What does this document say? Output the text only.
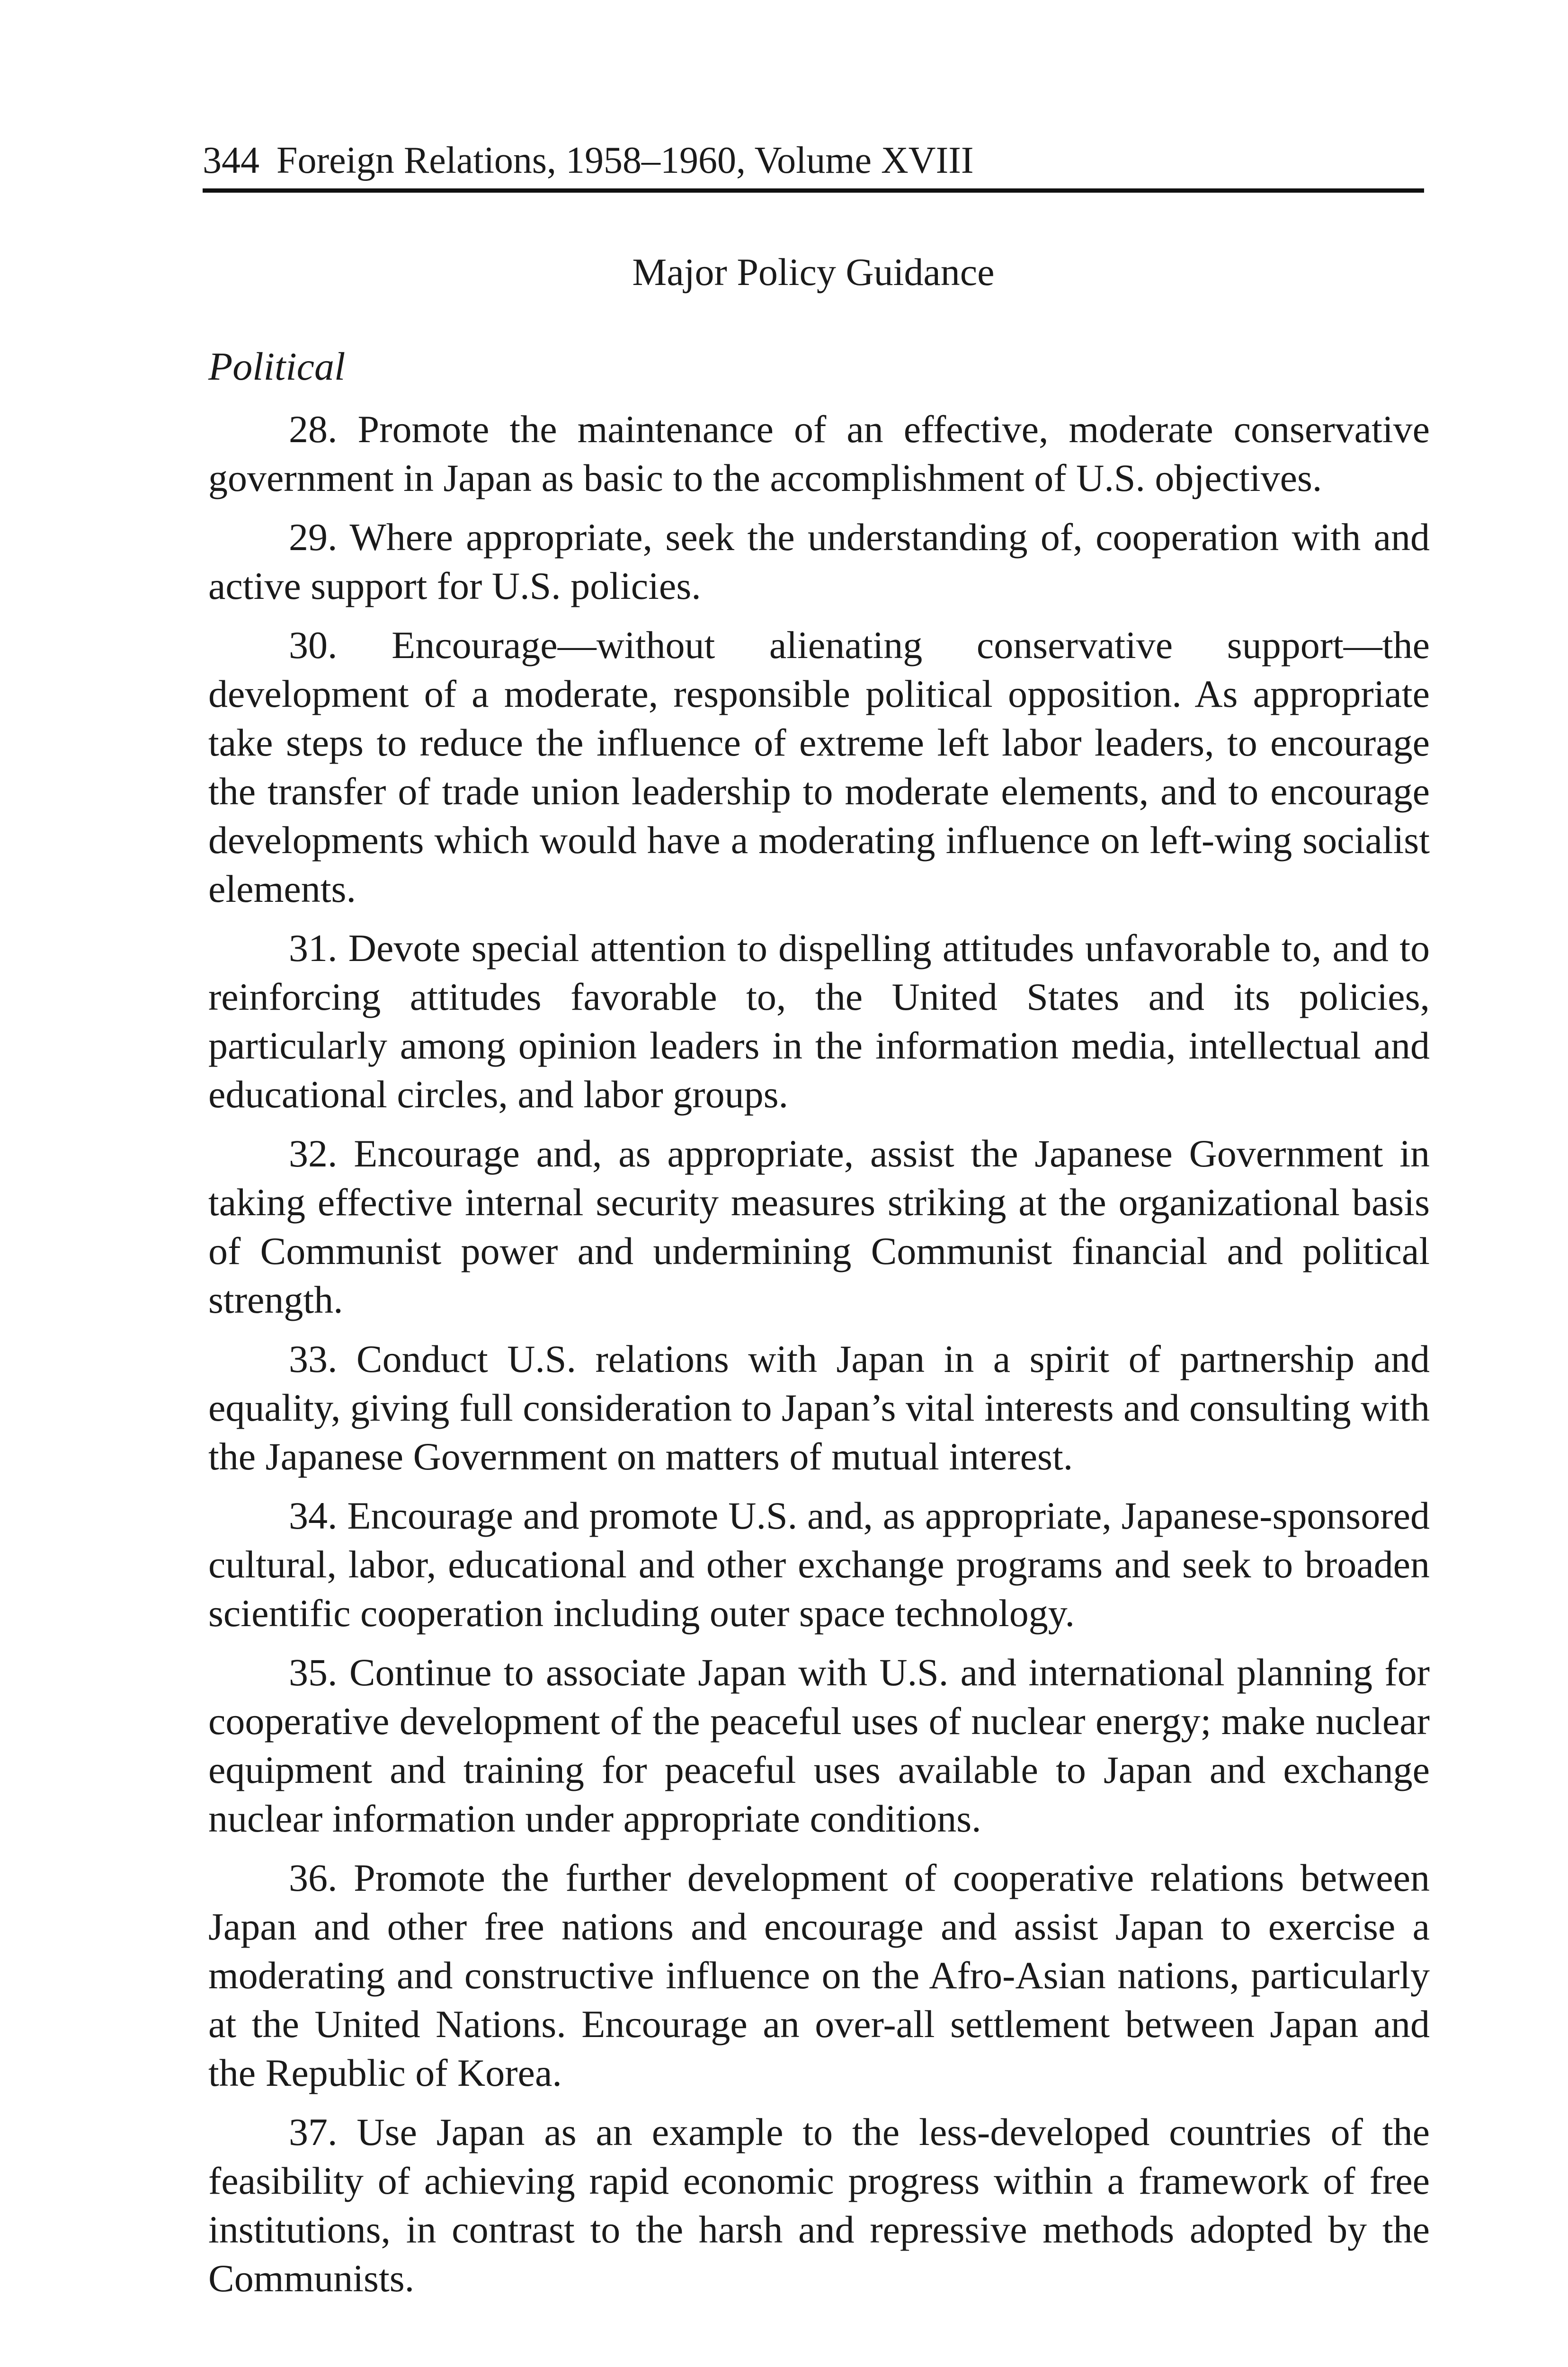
344 Foreign Relations, 1958–1960, Volume XVIII
Major Policy Guidance
Political

28. Promote the maintenance of an effective, moderate conservative government in Japan as basic to the accomplishment of U.S. objectives.

29. Where appropriate, seek the understanding of, cooperation with and active support for U.S. policies.

30. Encourage—without alienating conservative support—the development of a moderate, responsible political opposition. As appropriate take steps to reduce the influence of extreme left labor leaders, to encourage the transfer of trade union leadership to moderate elements, and to encourage developments which would have a moderating influence on left-wing socialist elements.

31. Devote special attention to dispelling attitudes unfavorable to, and to reinforcing attitudes favorable to, the United States and its policies, particularly among opinion leaders in the information media, intellectual and educational circles, and labor groups.

32. Encourage and, as appropriate, assist the Japanese Government in taking effective internal security measures striking at the organizational basis of Communist power and undermining Communist financial and political strength.

33. Conduct U.S. relations with Japan in a spirit of partnership and equality, giving full consideration to Japan’s vital interests and consulting with the Japanese Government on matters of mutual interest.

34. Encourage and promote U.S. and, as appropriate, Japanese-sponsored cultural, labor, educational and other exchange programs and seek to broaden scientific cooperation including outer space technology.

35. Continue to associate Japan with U.S. and international planning for cooperative development of the peaceful uses of nuclear energy; make nuclear equipment and training for peaceful uses available to Japan and exchange nuclear information under appropriate conditions.

36. Promote the further development of cooperative relations between Japan and other free nations and encourage and assist Japan to exercise a moderating and constructive influence on the Afro-Asian nations, particularly at the United Nations. Encourage an over-all settlement between Japan and the Republic of Korea.

37. Use Japan as an example to the less-developed countries of the feasibility of achieving rapid economic progress within a framework of free institutions, in contrast to the harsh and repressive methods adopted by the Communists.
